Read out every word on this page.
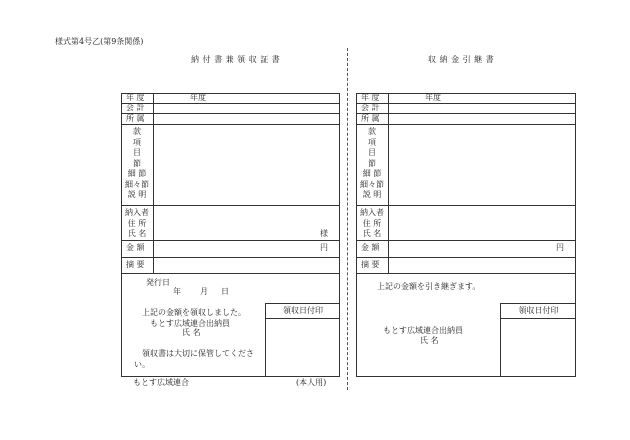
様式第4号乙(第9条関係)
納 付 書 兼 領 収 証 書	収 納 金 引 継 書
年 度	年度
会 計
所 属
款
項
目
節
細 節
細々節
説 明
納入者
住 所
氏 名	様
金 額	円
摘 要
発行日
年 月 日
上記の金額を領収しました。
もとす広域連合出納員
氏 名
領収書は大切に保管してくださ
い。
領収日付印
もとす広域連合	(本人用)
年 度	年度
会 計
所 属
款
項
目
節
細 節
細々節
説 明
納入者
住 所
氏 名
金 額	円
摘 要
上記の金額を引き継ぎます。
もとす広域連合出納員
氏 名
領収日付印
